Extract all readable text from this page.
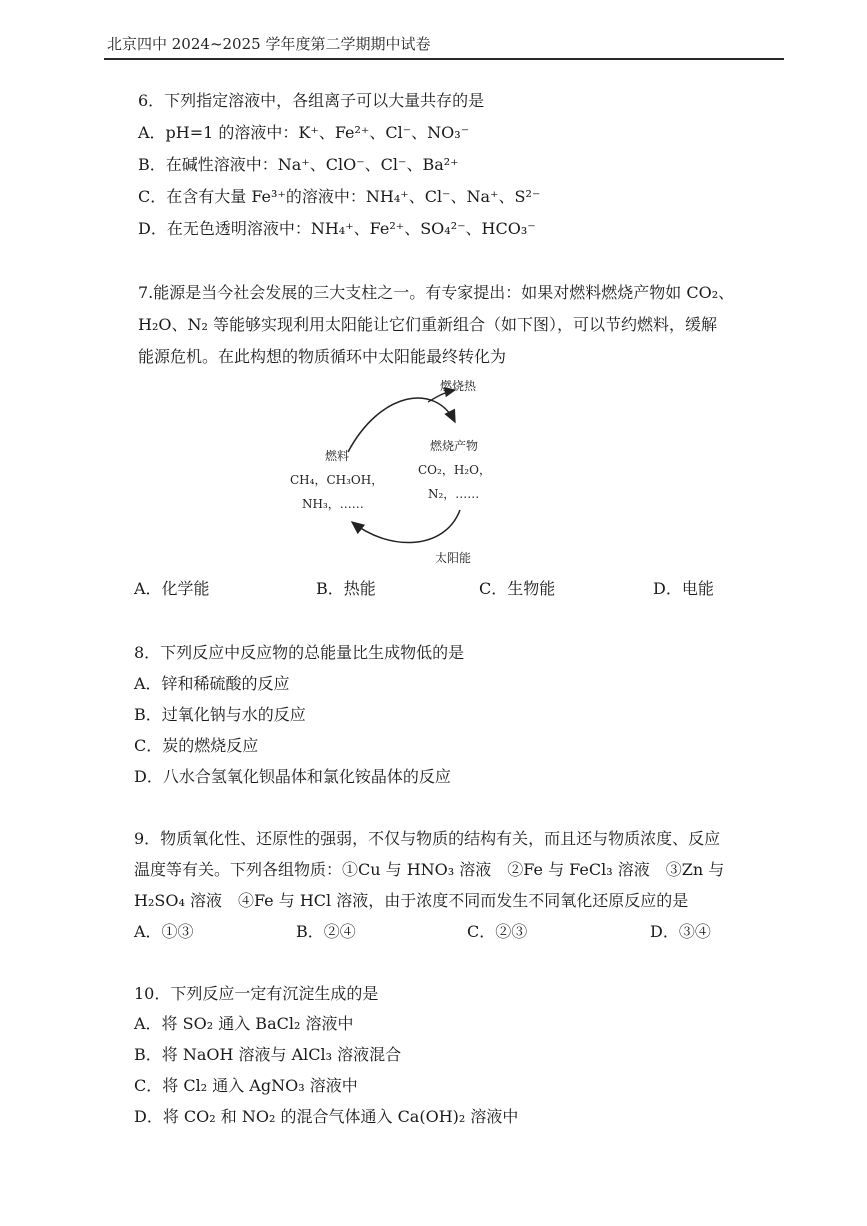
北京四中 2024~2025 学年度第二学期期中试卷
6．下列指定溶液中，各组离子可以大量共存的是
A．pH=1 的溶液中：K⁺、Fe²⁺、Cl⁻、NO₃⁻
B．在碱性溶液中：Na⁺、ClO⁻、Cl⁻、Ba²⁺
C．在含有大量 Fe³⁺的溶液中：NH₄⁺、Cl⁻、Na⁺、S²⁻
D．在无色透明溶液中：NH₄⁺、Fe²⁺、SO₄²⁻、HCO₃⁻
7.能源是当今社会发展的三大支柱之一。有专家提出：如果对燃料燃烧产物如 CO₂、
H₂O、N₂ 等能够实现利用太阳能让它们重新组合（如下图），可以节约燃料，缓解
能源危机。在此构想的物质循环中太阳能最终转化为
燃烧热
燃料
CH₄，CH₃OH，
NH₃，……
燃烧产物
CO₂，H₂O，
N₂，……
太阳能
A．化学能	B．热能	C．生物能	D．电能
8．下列反应中反应物的总能量比生成物低的是
A．锌和稀硫酸的反应
B．过氧化钠与水的反应
C．炭的燃烧反应
D．八水合氢氧化钡晶体和氯化铵晶体的反应
9．物质氧化性、还原性的强弱，不仅与物质的结构有关，而且还与物质浓度、反应
温度等有关。下列各组物质：①Cu 与 HNO₃ 溶液　②Fe 与 FeCl₃ 溶液　③Zn 与
H₂SO₄ 溶液　④Fe 与 HCl 溶液，由于浓度不同而发生不同氧化还原反应的是
A．①③	B．②④	C．②③	D．③④
10．下列反应一定有沉淀生成的是
A．将 SO₂ 通入 BaCl₂ 溶液中
B．将 NaOH 溶液与 AlCl₃ 溶液混合
C．将 Cl₂ 通入 AgNO₃ 溶液中
D．将 CO₂ 和 NO₂ 的混合气体通入 Ca(OH)₂ 溶液中
